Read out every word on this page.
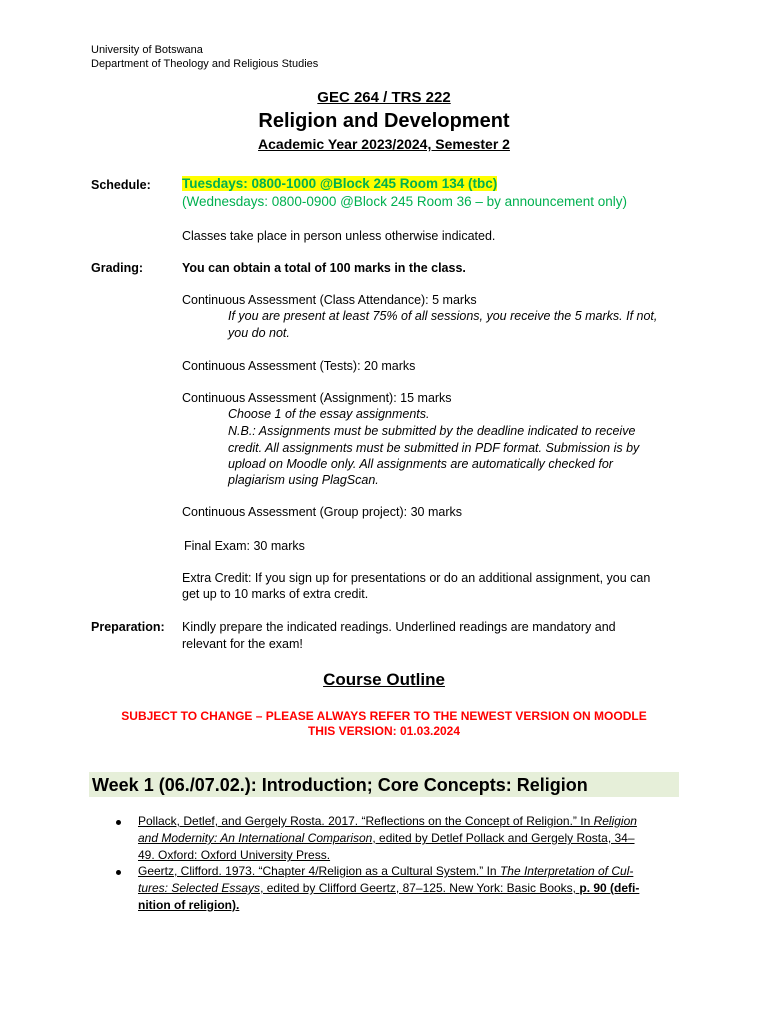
University of Botswana
Department of Theology and Religious Studies
GEC 264 / TRS 222
Religion and Development
Academic Year 2023/2024, Semester 2
Schedule: Tuesdays: 0800-1000 @Block 245 Room 134 (tbc)
(Wednesdays: 0800-0900 @Block 245 Room 36 – by announcement only)
Classes take place in person unless otherwise indicated.
Grading:	You can obtain a total of 100 marks in the class.
Continuous Assessment (Class Attendance): 5 marks
If you are present at least 75% of all sessions, you receive the 5 marks. If not,
you do not.
Continuous Assessment (Tests): 20 marks
Continuous Assessment (Assignment): 15 marks
Choose 1 of the essay assignments.
N.B.: Assignments must be submitted by the deadline indicated to receive
credit. All assignments must be submitted in PDF format. Submission is by
upload on Moodle only. All assignments are automatically checked for
plagiarism using PlagScan.
Continuous Assessment (Group project): 30 marks
Final Exam: 30 marks
Extra Credit: If you sign up for presentations or do an additional assignment, you can
get up to 10 marks of extra credit.
Preparation: Kindly prepare the indicated readings. Underlined readings are mandatory and
relevant for the exam!
Course Outline
SUBJECT TO CHANGE – PLEASE ALWAYS REFER TO THE NEWEST VERSION ON MOODLE
THIS VERSION: 01.03.2024
Week 1 (06./07.02.): Introduction; Core Concepts: Religion

Pollack, Detlef, and Gergely Rosta. 2017. “Reflections on the Concept of Religion.” In Religion

and Modernity: An International Comparison, edited by Detlef Pollack and Gergely Rosta, 34–

49. Oxford: Oxford University Press.

Geertz, Clifford. 1973. “Chapter 4/Religion as a Cultural System.” In The Interpretation of Cul-

tures: Selected Essays, edited by Clifford Geertz, 87–125. New York: Basic Books, p. 90 (defi-

nition of religion).
